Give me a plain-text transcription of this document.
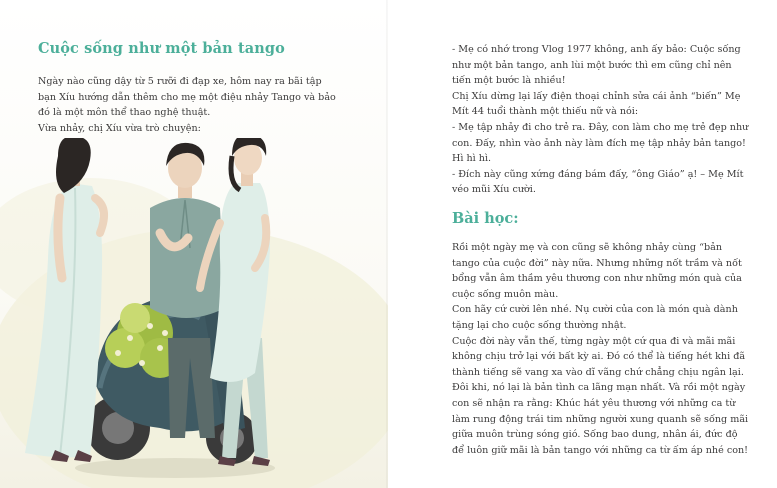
Cuộc sống như một bản tango

Ngày nào cũng dậy từ 5 rưỡi đi đạp xe, hôm nay ra bãi tập bạn Xíu hướng dẫn thêm cho mẹ một điệu nhảy Tango và bảo đó là một môn thể thao nghệ thuật.

Vừa nhảy, chị Xíu vừa trò chuyện:

- Mẹ có nhớ trong Vlog 1977 không, anh ấy bảo: Cuộc sống như một bản tango, anh lùi một bước thì em cũng chỉ nên tiến một bước là nhiều!

Chị Xíu dừng lại lấy điện thoại chỉnh sửa cái ảnh “biến” Mẹ Mít 44 tuổi thành một thiếu nữ và nói:

- Mẹ tập nhảy đi cho trẻ ra. Đây, con làm cho mẹ trẻ đẹp như con. Đấy, nhìn vào ảnh này làm đích mẹ tập nhảy bản tango! Hì hì hì.

- Đích này cũng xứng đáng bám đấy, “ông Giáo” ạ! – Mẹ Mít véo mũi Xíu cười.

Bài học:

Rồi một ngày mẹ và con cũng sẽ không nhảy cùng “bản tango của cuộc đời” này nữa. Nhưng những nốt trầm và nốt bổng vẫn âm thầm yêu thương con như những món quà của cuộc sống muôn màu.

Con hãy cứ cười lên nhé. Nụ cười của con là món quà dành tặng lại cho cuộc sống thường nhật.

Cuộc đời này vẫn thế, từng ngày một cứ qua đi và mãi mãi không chịu trở lại với bất kỳ ai. Đó có thể là tiếng hét khi đã thành tiếng sẽ vang xa vào dĩ vãng chứ chẳng chịu ngân lại. Đôi khi, nó lại là bản tình ca lãng mạn nhất. Và rồi một ngày con sẽ nhận ra rằng: Khúc hát yêu thương với những ca từ làm rung động trái tim những người xung quanh sẽ sống mãi giữa muôn trùng sóng gió. Sống bao dung, nhân ái, đức độ để luôn giữ mãi là bản tango với những ca từ ấm áp nhé con!
